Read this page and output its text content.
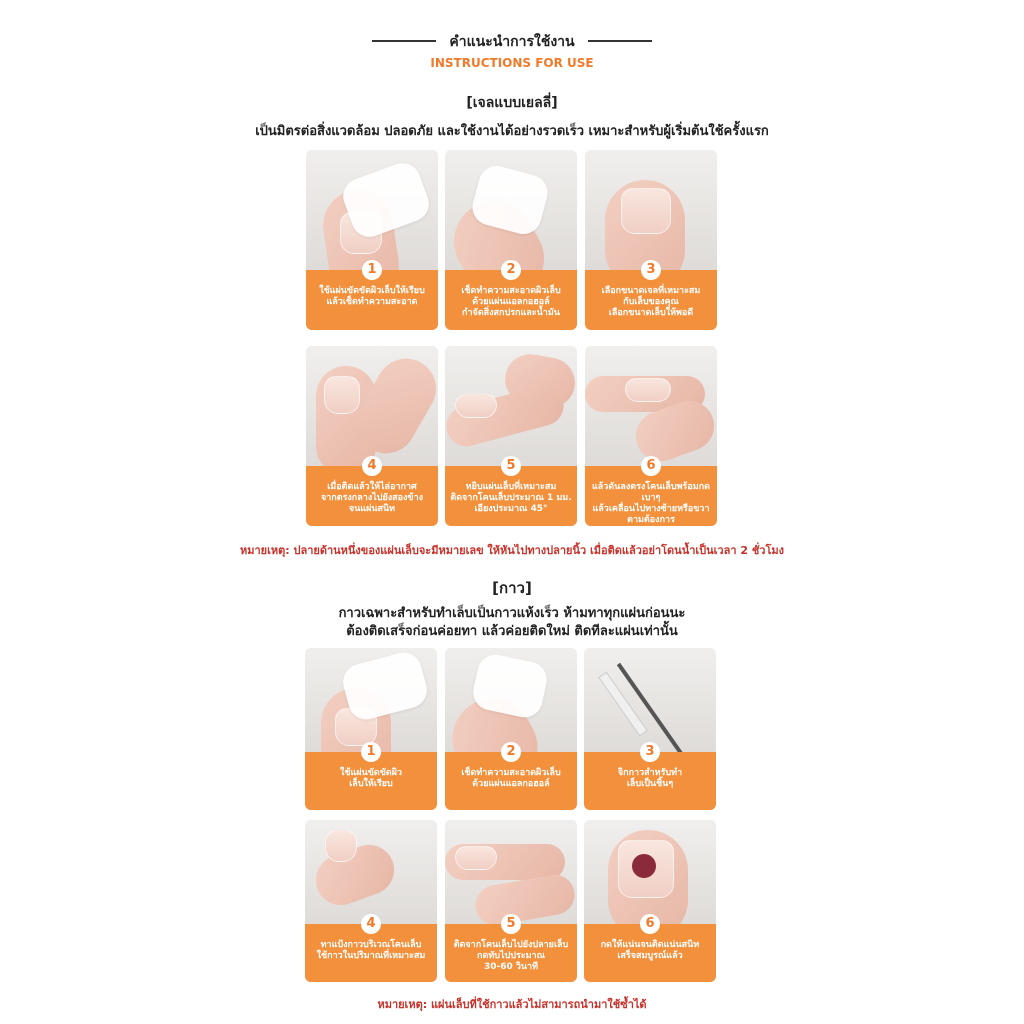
คำแนะนำการใช้งาน
INSTRUCTIONS FOR USE
[เจลแบบเยลลี่]
เป็นมิตรต่อสิ่งแวดล้อม ปลอดภัย และใช้งานได้อย่างรวดเร็ว เหมาะสำหรับผู้เริ่มต้นใช้ครั้งแรก
1
ใช้แผ่นขัดขัดผิวเล็บให้เรียบ
แล้วเช็ดทำความสะอาด
2
เช็ดทำความสะอาดผิวเล็บ
ด้วยแผ่นแอลกอฮอล์
กำจัดสิ่งสกปรกและน้ำมัน
3
เลือกขนาดเจลที่เหมาะสม
กับเล็บของคุณ
เลือกขนาดเล็บให้พอดี
4
เมื่อติดแล้วให้ไล่อากาศ
จากตรงกลางไปยังสองข้าง
จนแผ่นสนิท
5
หยิบแผ่นเล็บที่เหมาะสม
ติดจากโคนเล็บประมาณ 1 มม.
เอียงประมาณ 45°
6
แล้วดันลงตรงโคนเล็บพร้อมกดเบาๆ
แล้วเคลื่อนไปทางซ้ายหรือขวา
ตามต้องการ
หมายเหตุ: ปลายด้านหนึ่งของแผ่นเล็บจะมีหมายเลข ให้หันไปทางปลายนิ้ว เมื่อติดแล้วอย่าโดนน้ำเป็นเวลา 2 ชั่วโมง
[กาว]
กาวเฉพาะสำหรับทำเล็บเป็นกาวแห้งเร็ว ห้ามทาทุกแผ่นก่อนนะ
ต้องติดเสร็จก่อนค่อยทา แล้วค่อยติดใหม่ ติดทีละแผ่นเท่านั้น
1
ใช้แผ่นขัดขัดผิว
เล็บให้เรียบ
2
เช็ดทำความสะอาดผิวเล็บ
ด้วยแผ่นแอลกอฮอล์
3
จิกกาวสำหรับทำ
เล็บเป็นชิ้นๆ
4
ทาแป้งกาวบริเวณโคนเล็บ
ใช้กาวในปริมาณที่เหมาะสม
5
ติดจากโคนเล็บไปยังปลายเล็บ
กดทับไปประมาณ
30-60 วินาที
6
กดให้แน่นจนติดแน่นสนิท
เสร็จสมบูรณ์แล้ว
หมายเหตุ: แผ่นเล็บที่ใช้กาวแล้วไม่สามารถนำมาใช้ซ้ำได้
